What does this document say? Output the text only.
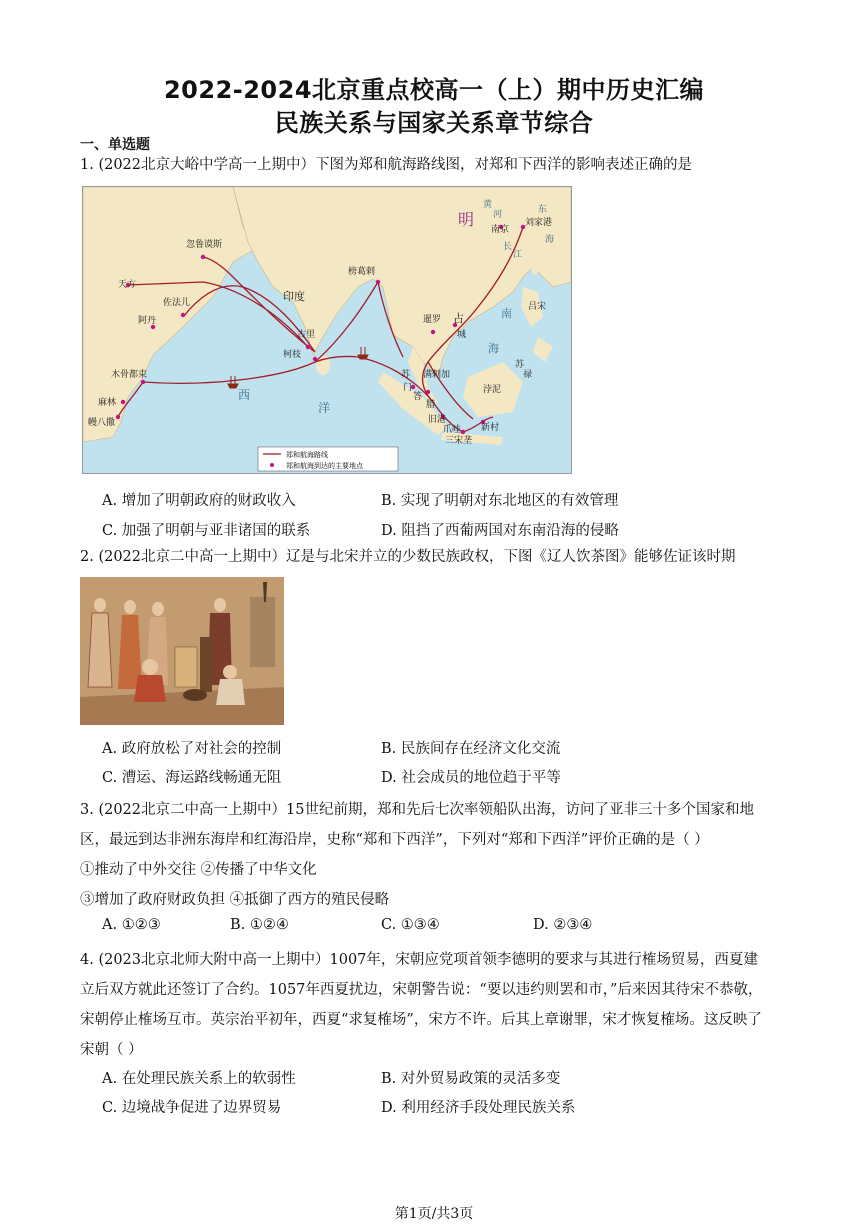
2022-2024北京重点校高一（上）期中历史汇编
民族关系与国家关系章节综合
一、单选题
1. (2022北京大峪中学高一上期中）下图为郑和航海路线图，对郑和下西洋的影响表述正确的是
明
黄
河	东
海
南京
刘家港
长
江
忽鲁谟斯
天方
阿丹
佐法儿	印度
榜葛剌
古里
柯枝
暹罗 占
城
南
海
吕宋
苏
禄
浡泥
木骨都束
麻林
幔八撒
西
洋
满剌加
苏
门
答
腊
旧港
爪哇 新村
三宋垄
郑和航海路线
郑和航海到达的主要地点
A. 增加了明朝政府的财政收入	B. 实现了明朝对东北地区的有效管理
C. 加强了明朝与亚非诸国的联系	D. 阻挡了西葡两国对东南沿海的侵略
2. (2022北京二中高一上期中）辽是与北宋并立的少数民族政权，下图《辽人饮茶图》能够佐证该时期
A. 政府放松了对社会的控制	B. 民族间存在经济文化交流
C. 漕运、海运路线畅通无阻	D. 社会成员的地位趋于平等
3. (2022北京二中高一上期中）15世纪前期，郑和先后七次率领船队出海，访问了亚非三十多个国家和地
区，最远到达非洲东海岸和红海沿岸，史称“郑和下西洋”，下列对“郑和下西洋”评价正确的是（ ）
①推动了中外交往 ②传播了中华文化
③增加了政府财政负担 ④抵御了西方的殖民侵略
A. ①②③	B. ①②④	C. ①③④	D. ②③④
4. (2023北京北师大附中高一上期中）1007年，宋朝应党项首领李德明的要求与其进行榷场贸易，西夏建
立后双方就此还签订了合约。1057年西夏扰边，宋朝警告说：“要以违约则罢和市，”后来因其待宋不恭敬，
宋朝停止榷场互市。英宗治平初年，西夏“求复榷场”，宋方不许。后其上章谢罪，宋才恢复榷场。这反映了
宋朝（ ）
A. 在处理民族关系上的软弱性	B. 对外贸易政策的灵活多变
C. 边境战争促进了边界贸易	D. 利用经济手段处理民族关系
第1页/共3页
